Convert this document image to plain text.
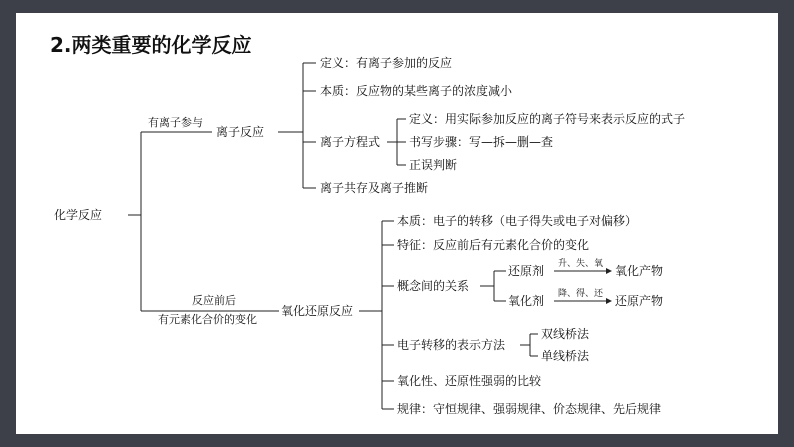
2.两类重要的化学反应
化学反应
有离子参与
离子反应
定义：有离子参加的反应
本质：反应物的某些离子的浓度减小
离子方程式
定义：用实际参加反应的离子符号来表示反应的式子
书写步骤：写—拆—删—查
正误判断
离子共存及离子推断
反应前后
有元素化合价的变化
氧化还原反应
本质：电子的转移（电子得失或电子对偏移）
特征：反应前后有元素化合价的变化
概念间的关系
还原剂 升、失、氧 氧化产物
氧化剂 降、得、还 还原产物
电子转移的表示方法
双线桥法
单线桥法
氧化性、还原性强弱的比较
规律：守恒规律、强弱规律、价态规律、先后规律
